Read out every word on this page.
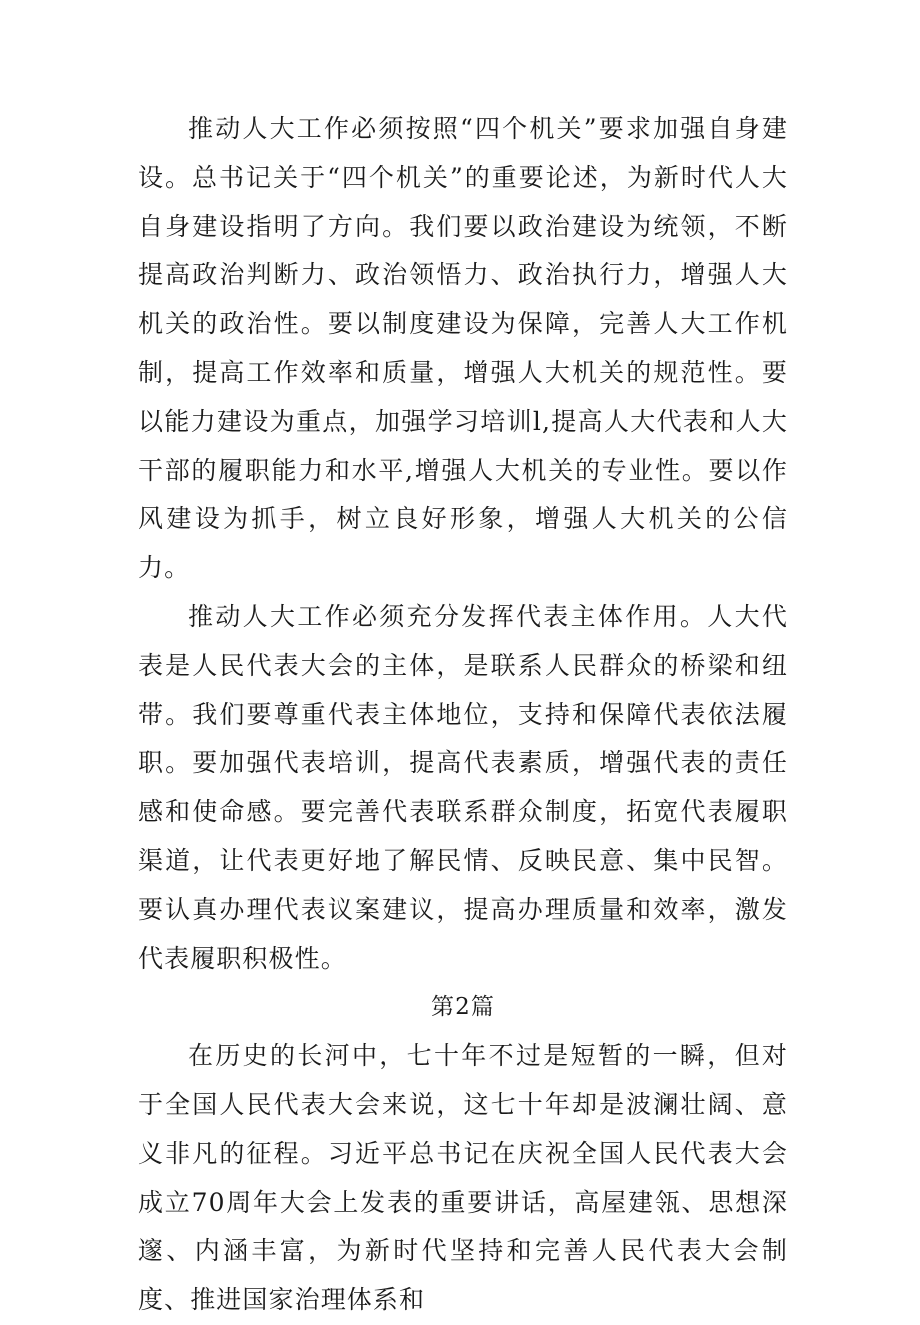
推动人大工作必须按照“四个机关”要求加强自身建设。总书记关于“四个机关”的重要论述，为新时代人大自身建设指明了方向。我们要以政治建设为统领，不断提高政治判断力、政治领悟力、政治执行力，增强人大机关的政治性。要以制度建设为保障，完善人大工作机制，提高工作效率和质量，增强人大机关的规范性。要以能力建设为重点，加强学习培训l,提高人大代表和人大干部的履职能力和水平,增强人大机关的专业性。要以作风建设为抓手，树立良好形象，增强人大机关的公信力。

推动人大工作必须充分发挥代表主体作用。人大代表是人民代表大会的主体，是联系人民群众的桥梁和纽带。我们要尊重代表主体地位，支持和保障代表依法履职。要加强代表培训，提高代表素质，增强代表的责任感和使命感。要完善代表联系群众制度，拓宽代表履职渠道，让代表更好地了解民情、反映民意、集中民智。要认真办理代表议案建议，提高办理质量和效率，激发代表履职积极性。

第2篇

在历史的长河中，七十年不过是短暂的一瞬，但对于全国人民代表大会来说，这七十年却是波澜壮阔、意义非凡的征程。习近平总书记在庆祝全国人民代表大会成立70周年大会上发表的重要讲话，高屋建瓴、思想深邃、内涵丰富，为新时代坚持和完善人民代表大会制度、推进国家治理体系和
